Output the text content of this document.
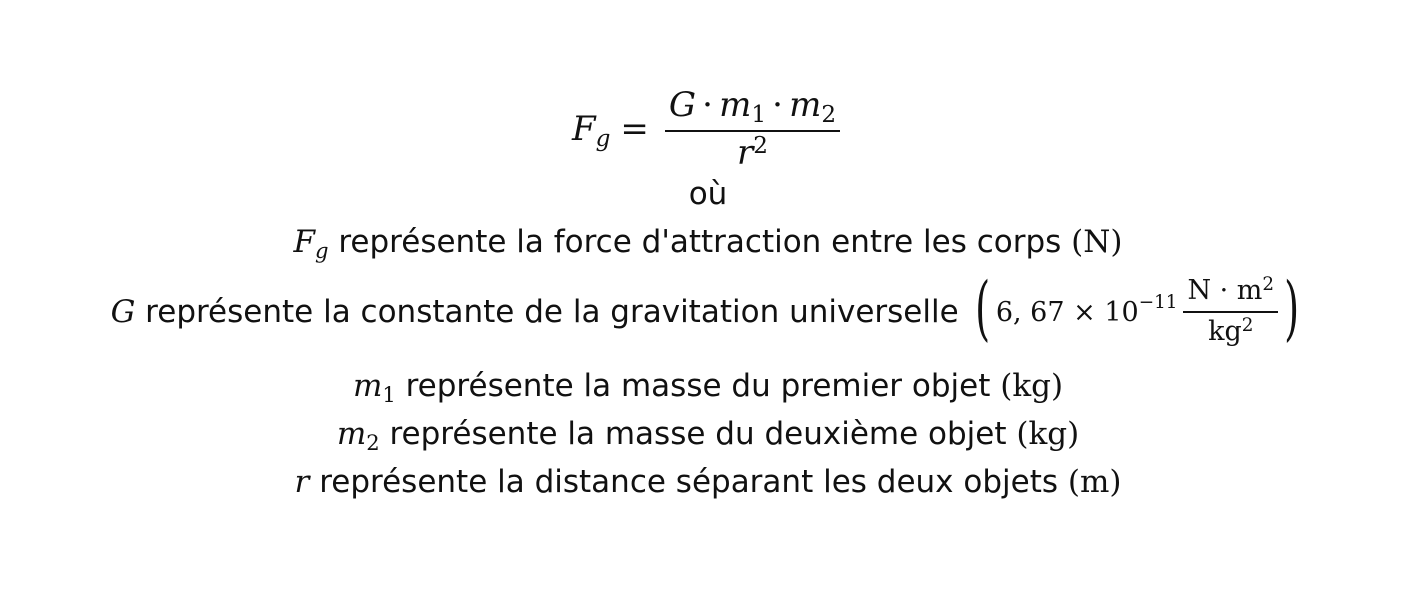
$Fg = \frac{G \cdot m1 \cdot m2}{r^2}$
où
Fg représente la force d'attraction entre les corps (N)
G représente la constante de la gravitation universelle ( 6, $67 \times 10 -11 \frac{N \cdot m^2}{kg^2}$ )
m1 représente la masse du premier objet (kg)
m2 représente la masse du deuxième objet (kg)
r représente la distance séparant les deux objets (m)
